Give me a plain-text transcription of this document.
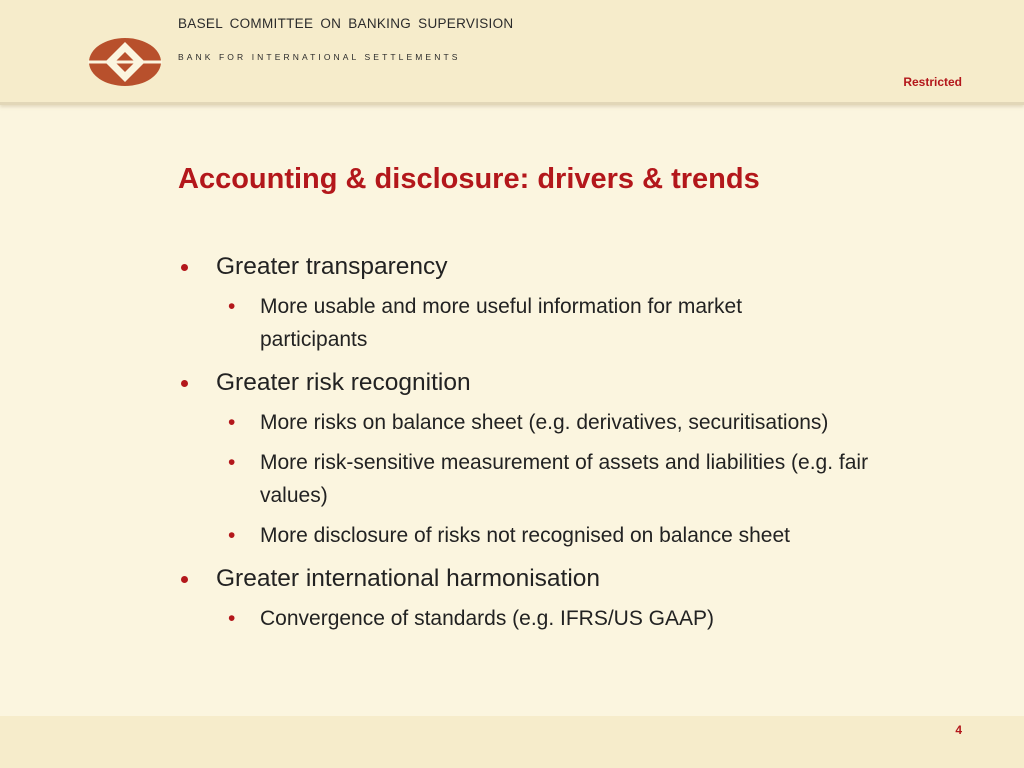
BASEL COMMITTEE ON BANKING SUPERVISION
BANK FOR INTERNATIONAL SETTLEMENTS
Restricted
Accounting & disclosure: drivers & trends
Greater transparency
• More usable and more useful information for market participants
Greater risk recognition
• More risks on balance sheet (e.g. derivatives, securitisations)
• More risk-sensitive measurement of assets and liabilities (e.g. fair values)
• More disclosure of risks not recognised on balance sheet
Greater international harmonisation
• Convergence of standards (e.g. IFRS/US GAAP)
4
